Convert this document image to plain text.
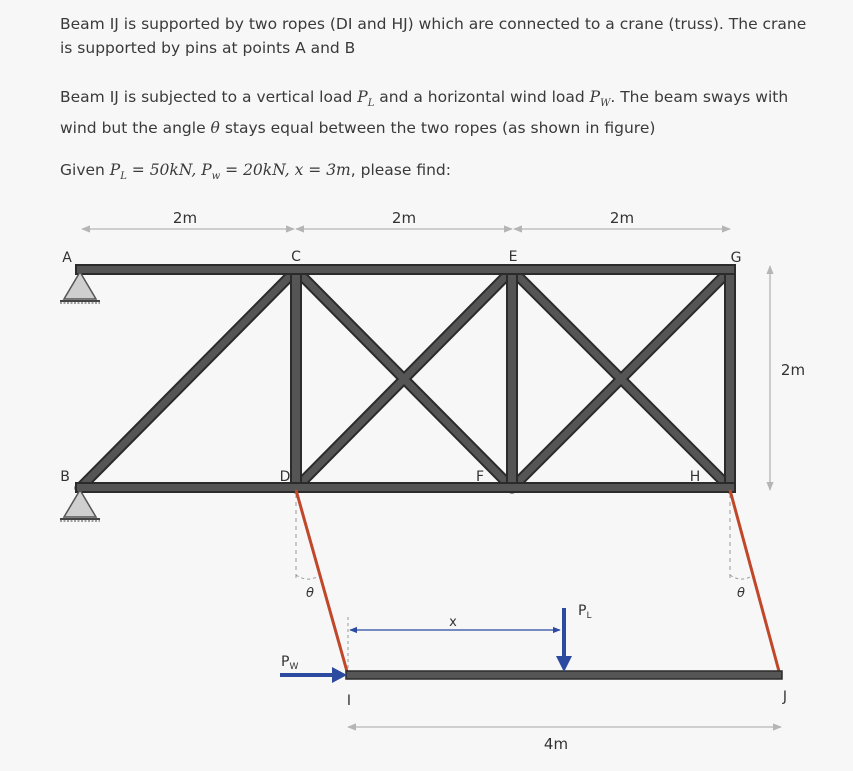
Beam IJ is supported by two ropes (DI and HJ) which are connected to a crane (truss). The crane is supported by pins at points A and B
Beam IJ is subjected to a vertical load $P_L$ and a horizontal wind load $P_W$. The beam sways with wind but the angle θ stays equal between the two ropes (as shown in figure)
Given $P_L = 50kN$, $P_w = 20kN$, x = 3m, please find:
2m	2m	2m
2m
A
B
C
D
E
F
G
H
I	J
θ	θ
x
$P_L$
$P_W$
4m
